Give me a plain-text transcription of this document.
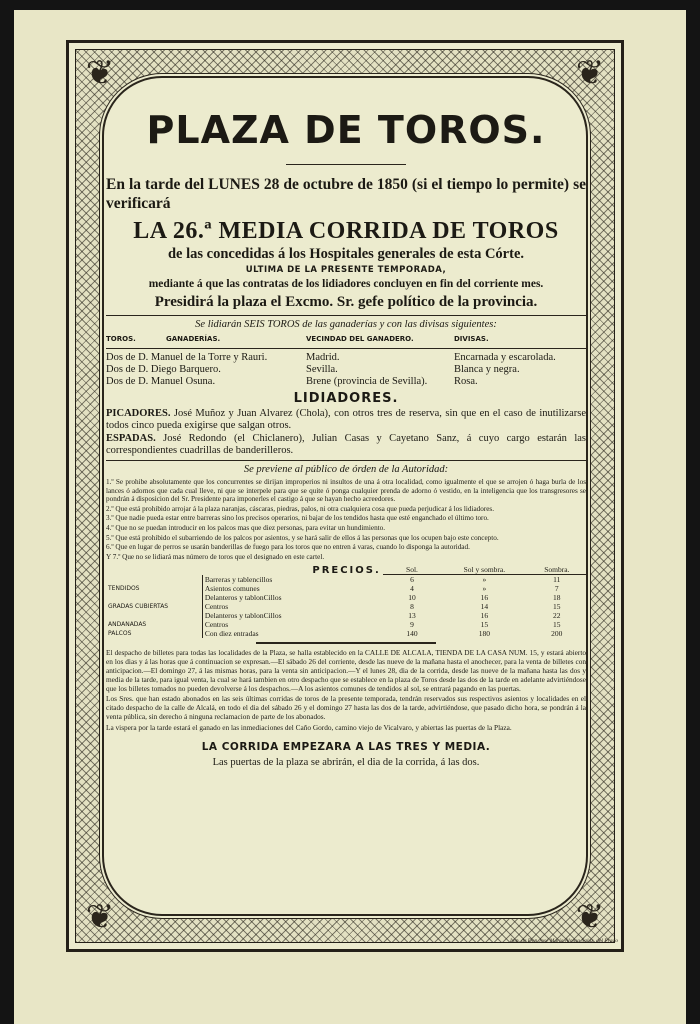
❦	❦
❦	❦
PLAZA DE TOROS.

En la tarde del LUNES 28 de octubre de 1850 (si el tiempo lo permite) se verificará

LA 26.ª MEDIA CORRIDA DE TOROS

de las concedidas á los Hospitales generales de esta Córte.

ULTIMA DE LA PRESENTE TEMPORADA,

mediante á que las contratas de los lidiadores concluyen en fin del corriente mes.

Presidirá la plaza el Excmo. Sr. gefe político de la provincia.

Se lidiarán SEIS TOROS de las ganaderías y con las divisas siguientes:

TOROS.	GANADERÍAS.	VECINDAD DEL GANADERO.	DIVISAS.

Dos de D. Manuel de la Torre y Rauri.		Madrid.	Encarnada y escarolada.
Dos de D. Diego Barquero.		Sevilla.	Blanca y negra.
Dos de D. Manuel Osuna.		Brene (provincia de Sevilla).	Rosa.

LIDIADORES.

PICADORES. José Muñoz y Juan Alvarez (Chola), con otros tres de reserva, sin que en el caso de inutilizarse todos cinco pueda exigirse que salgan otros.

ESPADAS. José Redondo (el Chiclanero), Julian Casas y Cayetano Sanz, á cuyo cargo estarán las correspondientes cuadrillas de banderilleros.

Se previene al público de órden de la Autoridad:

1.º Se prohibe absolutamente que los concurrentes se dirijan improperios ni insultos de una á otra localidad, como igualmente el que se arrojen ó haga burla de los lances ó adornos que cada cual lleve, ni que se interpele para que se quite ó ponga cualquier prenda de adorno ó vestido, en la inteligencia que los transgresores se pondrán á disposicion del Sr. Presidente para imponerles el castigo á que se hayan hecho acreedores.

2.º Que está prohibido arrojar á la plaza naranjas, cáscaras, piedras, palos, ni otra cualquiera cosa que pueda perjudicar á los lidiadores.

3.º Que nadie pueda estar entre barreras sino los precisos operarios, ni bajar de los tendidos hasta que esté enganchado el último toro.

4.º Que no se puedan introducir en los palcos mas que diez personas, para evitar un hundimiento.

5.º Que está prohibido el subarriendo de los palcos por asientos, y se hará salir de ellos á las personas que los ocupen bajo este concepto.

6.º Que en lugar de perros se usarán banderillas de fuego para los toros que no entren á varas, cuando lo disponga la autoridad.

Y 7.º Que no se lidiará mas número de toros que el designado en este cartel.

PRECIOS.		Sol.	Sol y sombra.	Sombra.
	Barreras y tablencillos	6	»	11
TENDIDOS	Asientos comunes	4	»	7
	Delanteros y tablonCillos	10	16	18
GRADAS CUBIERTAS	Centros	8	14	15
	Delanteros y tablonCillos	13	16	22
ANDANADAS	Centros	9	15	15
PALCOS	Con diez entradas	140	180	200

El despacho de billetes para todas las localidades de la Plaza, se halla establecido en la CALLE DE ALCALA, TIENDA DE LA CASA NUM. 15, y estará abierto en los dias y á las horas que á continuacion se expresan.—El sábado 26 del corriente, desde las nueve de la mañana hasta el anochecer, para la venta de billetes con anticipacion.—El domingo 27, á las mismas horas, para la venta sin anticipacion.—Y el lunes 28, dia de la corrida, desde las nueve de la mañana hasta las dos y media de la tarde, para igual venta, la cual se hará tambien en otro despacho que se establece en la plaza de Toros desde las dos de la tarde en adelante advirtiéndose que los billetes tomados no pueden devolverse á los despachos.—A los asientos comunes de tendidos al sol, se entrará pagando en las puertas.

Los Sres. que han estado abonados en las seis últimas corridas de toros de la presente temporada, tendrán reservados sus respectivos asientos y localidades en el citado despacho de la calle de Alcalá, en todo el dia del sábado 26 y el domingo 27 hasta las dos de la tarde, advirtiéndose, que pasado dicho hora, se pondrán á la venta pública, sin derecho á ninguna reclamacion de parte de los abonados.

La vispera por la tarde estará el ganado en las inmediaciones del Caño Gordo, camino viejo de Vicalvaro, y abiertas las puertas de la Plaza.

LA CORRIDA EMPEZARA A LAS TRES Y MEDIA.

Las puertas de la plaza se abrirán, el dia de la corrida, á las dos.

Imp. de Don José María Alonso Salaz. del Prado
